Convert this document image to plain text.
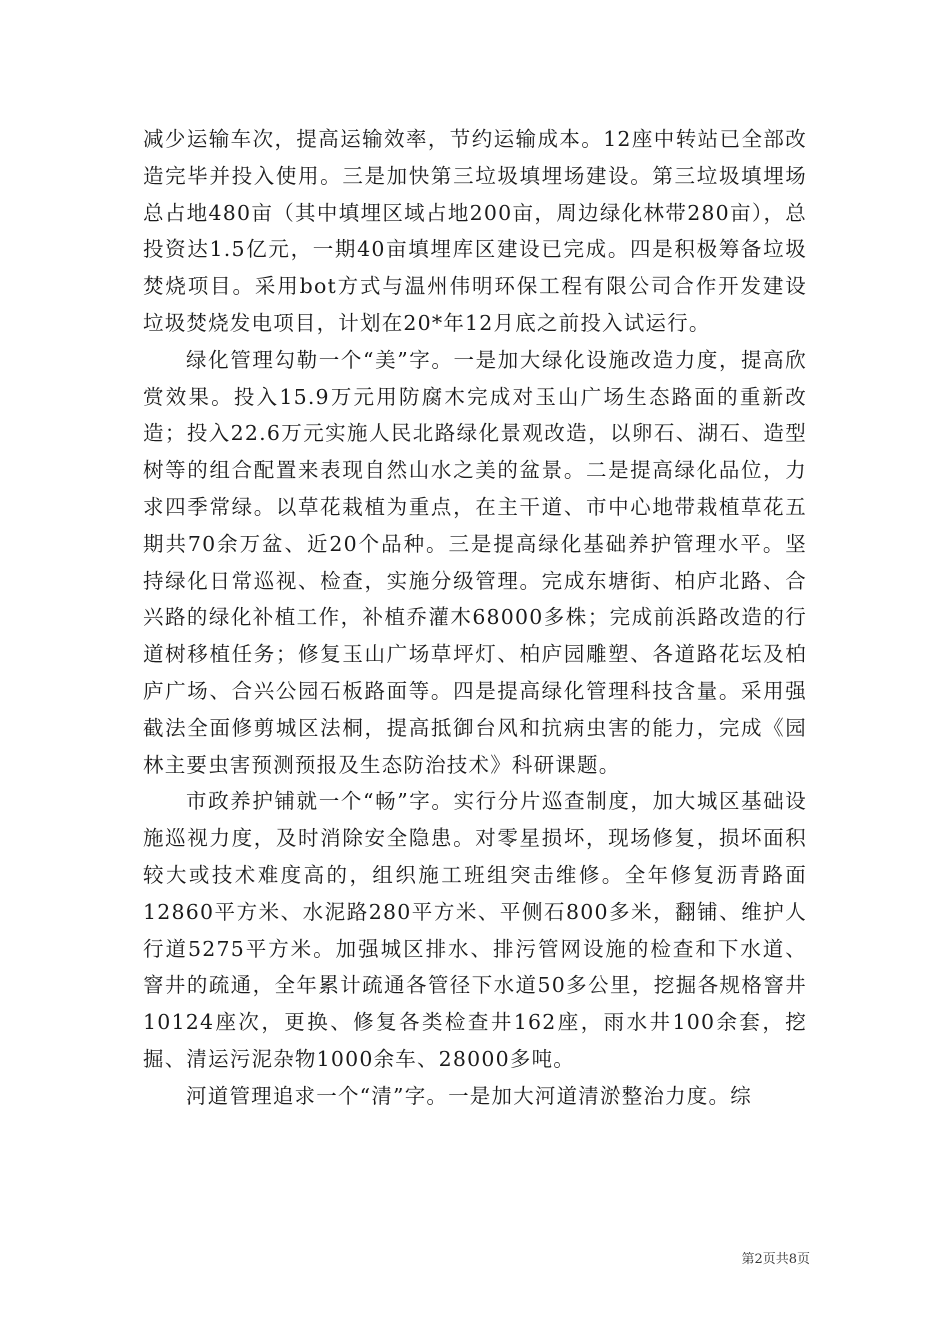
减少运输车次，提高运输效率，节约运输成本。12座中转站已全部改造完毕并投入使用。三是加快第三垃圾填埋场建设。第三垃圾填埋场总占地480亩（其中填埋区域占地200亩，周边绿化林带280亩），总投资达1.5亿元，一期40亩填埋库区建设已完成。四是积极筹备垃圾焚烧项目。采用bot方式与温州伟明环保工程有限公司合作开发建设垃圾焚烧发电项目，计划在20*年12月底之前投入试运行。

绿化管理勾勒一个“美”字。一是加大绿化设施改造力度，提高欣赏效果。投入15.9万元用防腐木完成对玉山广场生态路面的重新改造；投入22.6万元实施人民北路绿化景观改造，以卵石、湖石、造型树等的组合配置来表现自然山水之美的盆景。二是提高绿化品位，力求四季常绿。以草花栽植为重点，在主干道、市中心地带栽植草花五期共70余万盆、近20个品种。三是提高绿化基础养护管理水平。坚持绿化日常巡视、检查，实施分级管理。完成东塘街、柏庐北路、合兴路的绿化补植工作，补植乔灌木68000多株；完成前浜路改造的行道树移植任务；修复玉山广场草坪灯、柏庐园雕塑、各道路花坛及柏庐广场、合兴公园石板路面等。四是提高绿化管理科技含量。采用强截法全面修剪城区法桐，提高抵御台风和抗病虫害的能力，完成《园林主要虫害预测预报及生态防治技术》科研课题。

市政养护铺就一个“畅”字。实行分片巡查制度，加大城区基础设施巡视力度，及时消除安全隐患。对零星损坏，现场修复，损坏面积较大或技术难度高的，组织施工班组突击维修。全年修复沥青路面12860平方米、水泥路280平方米、平侧石800多米，翻铺、维护人行道5275平方米。加强城区排水、排污管网设施的检查和下水道、窨井的疏通，全年累计疏通各管径下水道50多公里，挖掘各规格窨井10124座次，更换、修复各类检查井162座，雨水井100余套，挖掘、清运污泥杂物1000余车、28000多吨。

河道管理追求一个“清”字。一是加大河道清淤整治力度。综

第2页共8页
